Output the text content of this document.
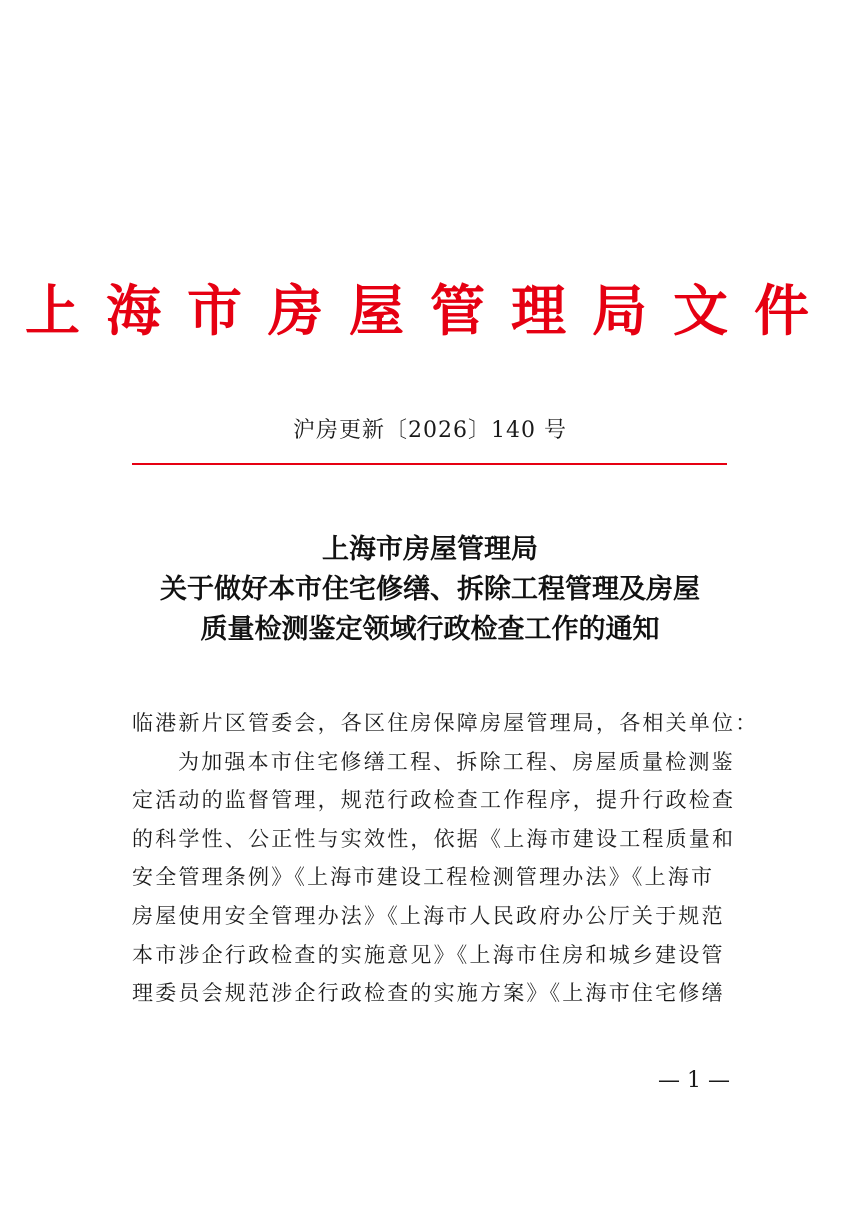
上海市房屋管理局文件
沪房更新〔2026〕140 号
上海市房屋管理局
关于做好本市住宅修缮、拆除工程管理及房屋
质量检测鉴定领域行政检查工作的通知
临港新片区管委会，各区住房保障房屋管理局，各相关单位：
为加强本市住宅修缮工程、拆除工程、房屋质量检测鉴
定活动的监督管理，规范行政检查工作程序，提升行政检查
的科学性、公正性与实效性，依据《上海市建设工程质量和
安全管理条例》《上海市建设工程检测管理办法》《上海市
房屋使用安全管理办法》《上海市人民政府办公厅关于规范
本市涉企行政检查的实施意见》《上海市住房和城乡建设管
理委员会规范涉企行政检查的实施方案》《上海市住宅修缮
— 1 —
